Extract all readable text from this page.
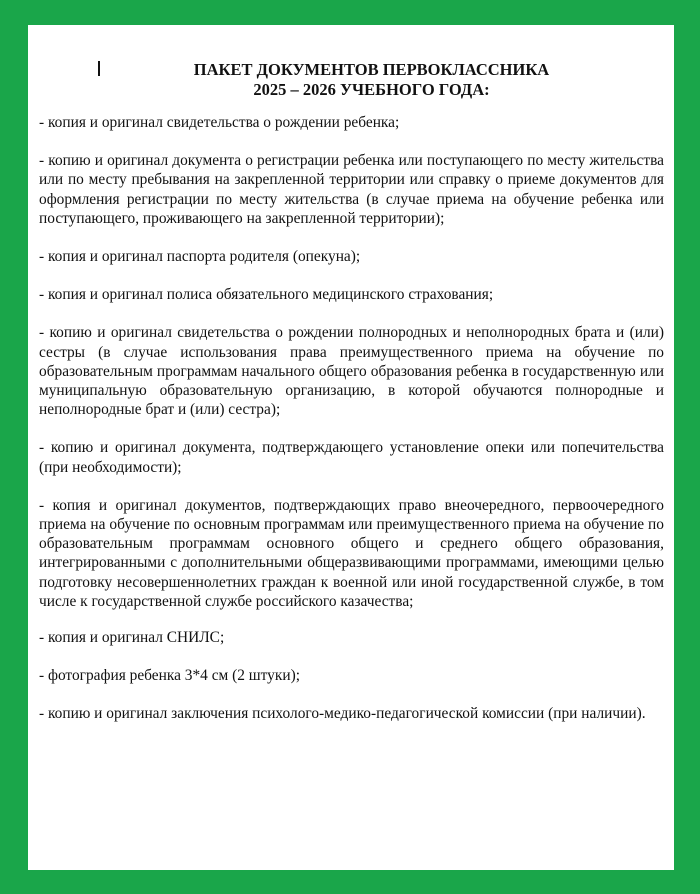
ПАКЕТ ДОКУМЕНТОВ ПЕРВОКЛАССНИКА
2025 – 2026 УЧЕБНОГО ГОДА:
- копия и оригинал свидетельства о рождении ребенка;
- копию и оригинал документа о регистрации ребенка или поступающего по месту жительства или по месту пребывания на закрепленной территории или справку о приеме документов для оформления регистрации по месту жительства (в случае приема на обучение ребенка или поступающего, проживающего на закрепленной территории);
- копия и оригинал паспорта родителя (опекуна);
- копия и оригинал полиса обязательного медицинского страхования;
- копию и оригинал свидетельства о рождении полнородных и неполнородных брата и (или) сестры (в случае использования права преимущественного приема на обучение по образовательным программам начального общего образования ребенка в государственную или муниципальную образовательную организацию, в которой обучаются полнородные и неполнородные брат и (или) сестра);
- копию и оригинал документа, подтверждающего установление опеки или попечительства (при необходимости);
- копия и оригинал документов, подтверждающих право внеочередного, первоочередного приема на обучение по основным программам или преимущественного приема на обучение по образовательным программам основного общего и среднего общего образования, интегрированными с дополнительными общеразвивающими программами, имеющими целью подготовку несовершеннолетних граждан к военной или иной государственной службе, в том числе к государственной службе российского казачества;
- копия и оригинал СНИЛС;
- фотография ребенка 3*4 см (2 штуки);
- копию и оригинал заключения психолого-медико-педагогической комиссии (при наличии).
